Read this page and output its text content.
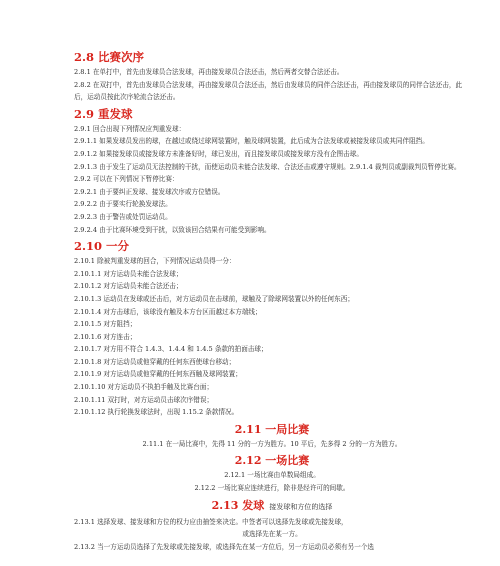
2.8 比赛次序

2.8.1 在单打中，首先由发球员合法发球，再由接发球员合法还击，然后两者交替合法还击。

2.8.2 在双打中，首先由发球员合法发球，再由接发球员合法还击，然后由发球员的同伴合法还击，再由接发球员的同伴合法还击，此后，运动员按此次序轮流合法还击。

2.9 重发球

2.9.1 回合出现下列情况应判重发球：

2.9.1.1 如果发球员发出的球，在越过或绕过球网装置时，触及球网装置，此后成为合法发球或被接发球员或其同伴阻挡。

2.9.1.2 如果接发球员或接发球方未准备好时，球已发出，而且接发球员或接发球方没有企图击球。

2.9.1.3 由于发生了运动员无法控制的干扰，而使运动员未能合法发球、合法还击或遵守规则。2.9.1.4 裁判员或副裁判员暂停比赛。

2.9.2 可以在下列情况下暂停比赛：

2.9.2.1 由于要纠正发球、接发球次序或方位错误。

2.9.2.2 由于要实行轮换发球法。

2.9.2.3 由于警告或处罚运动员。

2.9.2.4 由于比赛环境受到干扰，以致该回合结果有可能受到影响。

2.10 一分

2.10.1 除被判重发球的回合，下列情况运动员得一分：

2.10.1.1 对方运动员未能合法发球；

2.10.1.2 对方运动员未能合法还击；

2.10.1.3 运动员在发球或还击后，对方运动员在击球前，球触及了除球网装置以外的任何东西；

2.10.1.4 对方击球后，该球没有触及本方台区而越过本方端线；

2.10.1.5 对方阻挡；

2.10.1.6 对方连击；

2.10.1.7 对方用不符合 1.4.3、1.4.4 和 1.4.5 条款的拍面击球；

2.10.1.8 对方运动员或他穿戴的任何东西使球台移动；

2.10.1.9 对方运动员或他穿戴的任何东西触及球网装置；

2.10.1.10 对方运动员不执拍手触及比赛台面；

2.10.1.11 双打时，对方运动员击球次序错误；

2.10.1.12 执行轮换发球法时，出现 1.15.2 条款情况。

2.11 一局比赛

2.11.1 在一局比赛中，先得 11 分的一方为胜方。10 平后，先多得 2 分的一方为胜方。

2.12 一场比赛

2.12.1 一场比赛由单数局组成。

2.12.2 一场比赛应连续进行，除非是经许可的间歇。

2.13 发球 接发球和方位的选择

2.13.1 选择发球、接发球和方位的权力应由抽签来决定。中签者可以选择先发球或先接发球，

或选择先在某一方。

2.13.2 当一方运动员选择了先发球或先接发球，或选择先在某一方位后，另一方运动员必须有另一个选
